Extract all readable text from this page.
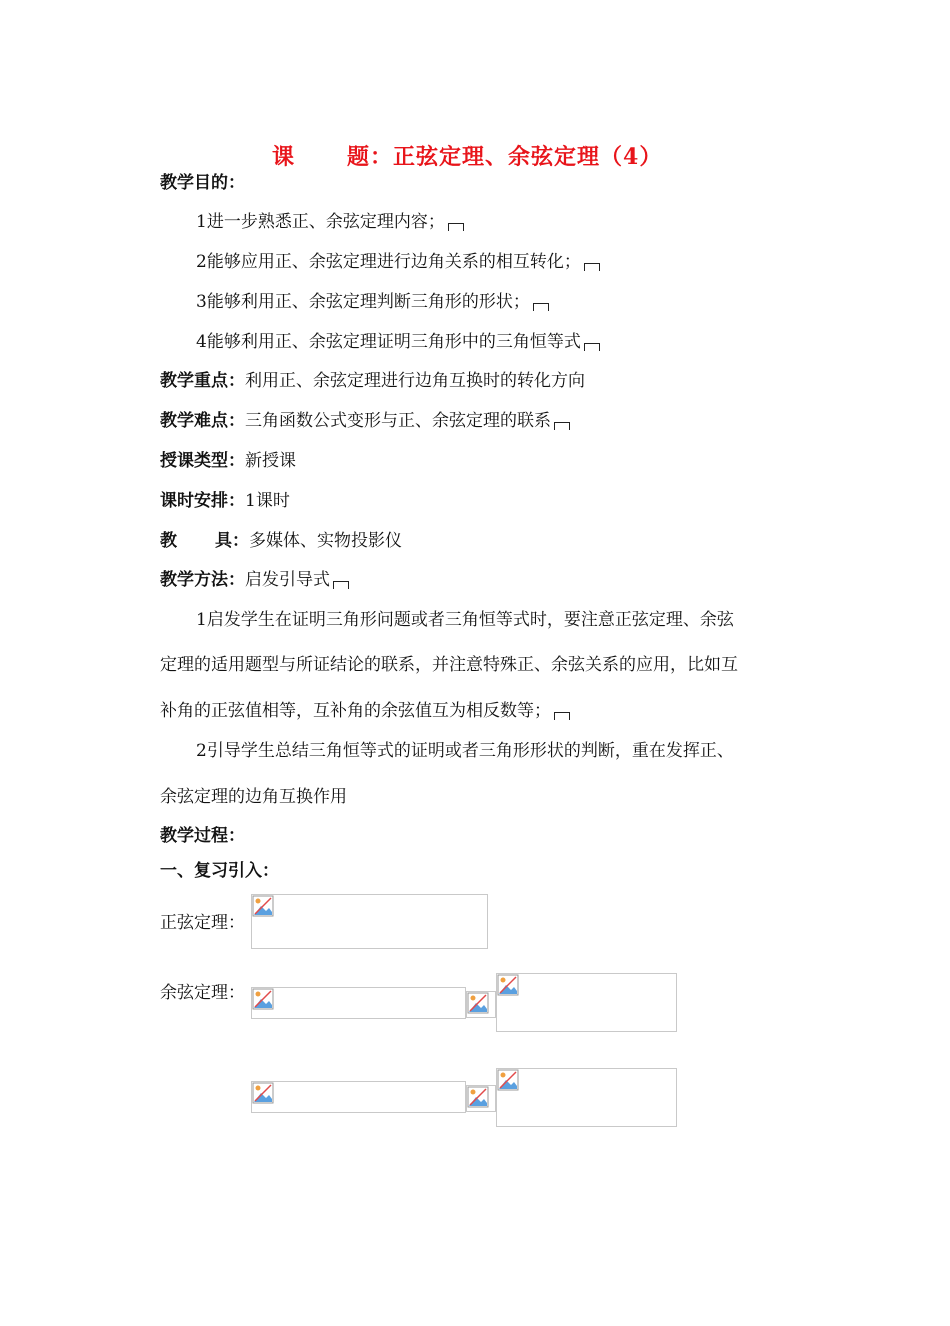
课 题：正弦定理、余弦定理（4）
教学目的：
1进一步熟悉正、余弦定理内容；
2能够应用正、余弦定理进行边角关系的相互转化；
3能够利用正、余弦定理判断三角形的形状；
4能够利用正、余弦定理证明三角形中的三角恒等式
教学重点：利用正、余弦定理进行边角互换时的转化方向
教学难点：三角函数公式变形与正、余弦定理的联系
授课类型：新授课
课时安排：1课时
教 具：多媒体、实物投影仪
教学方法：启发引导式
1启发学生在证明三角形问题或者三角恒等式时，要注意正弦定理、余弦
定理的适用题型与所证结论的联系，并注意特殊正、余弦关系的应用，比如互
补角的正弦值相等，互补角的余弦值互为相反数等；
2引导学生总结三角恒等式的证明或者三角形形状的判断，重在发挥正、
余弦定理的边角互换作用
教学过程：
一、复习引入：
正弦定理：
余弦定理：
